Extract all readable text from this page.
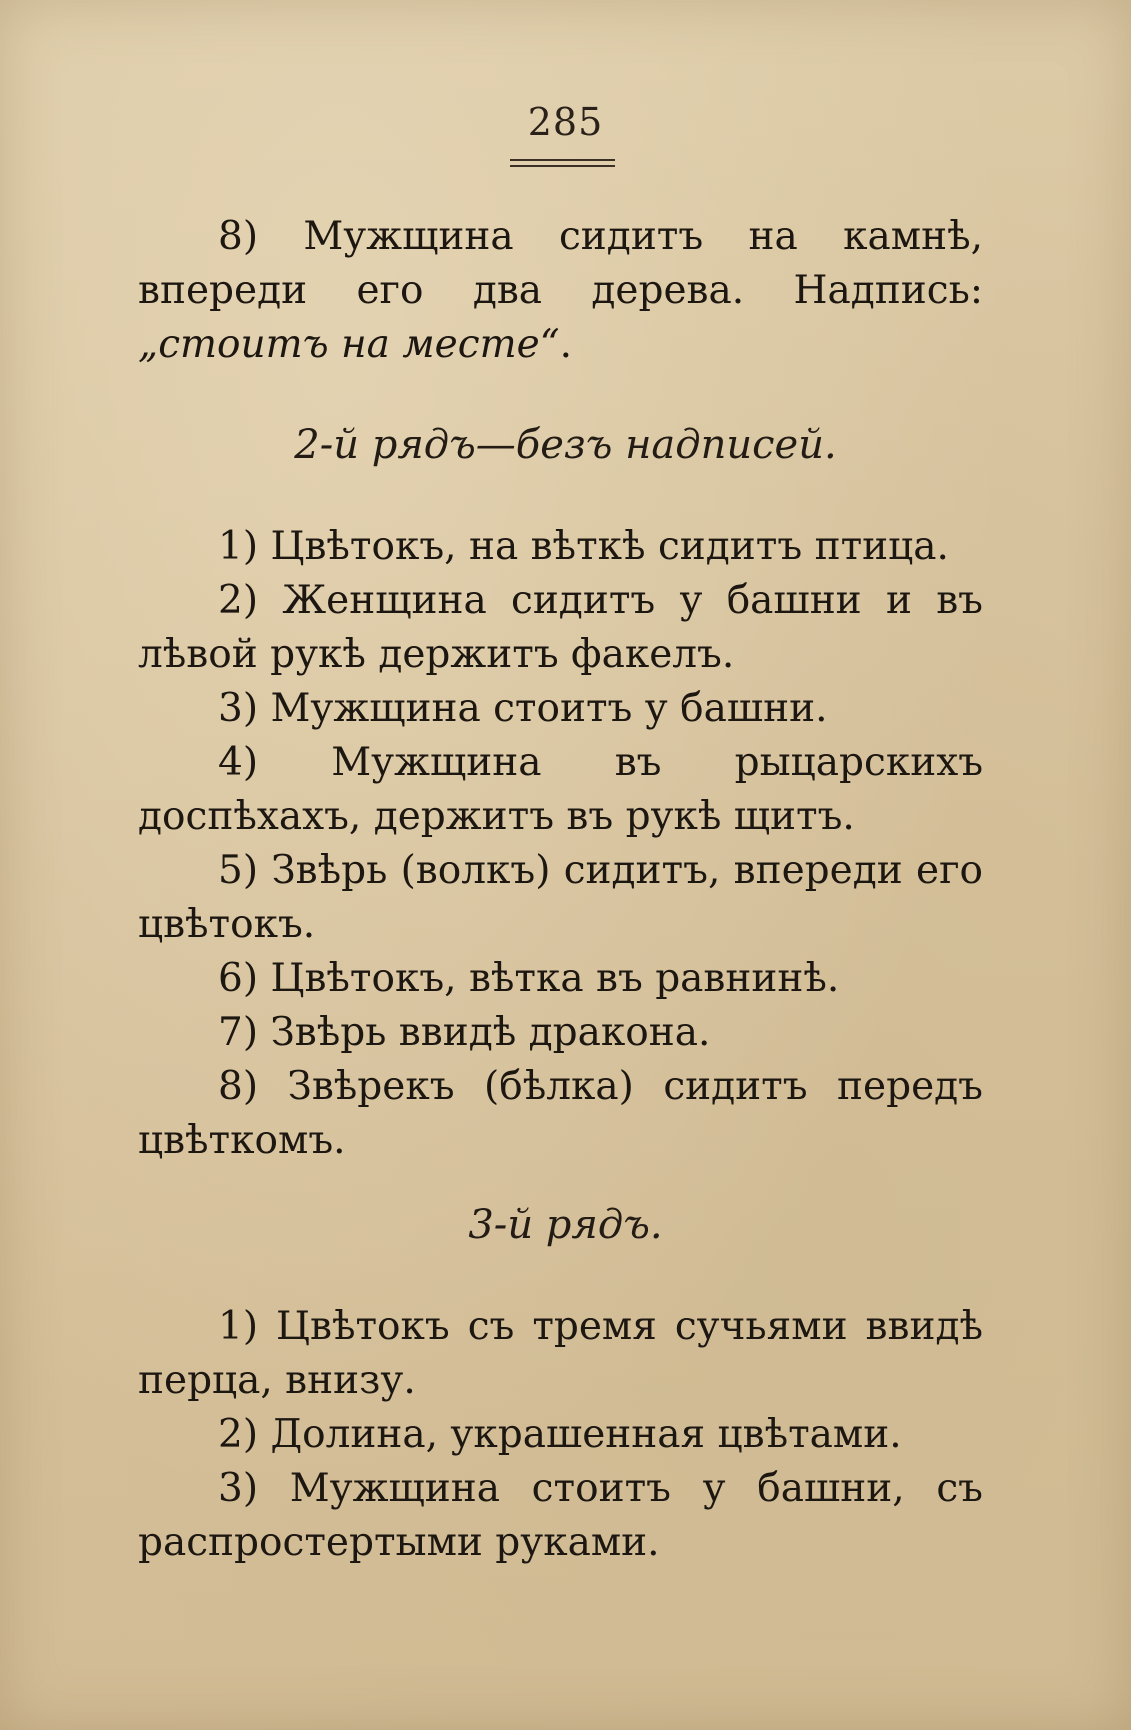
285

8) Мужщина сидитъ на камнѣ, впереди его два дерева. Надпись: „стоитъ на месте“.

2-й рядъ—безъ надписей.

1) Цвѣтокъ, на вѣткѣ сидитъ птица.

2) Женщина сидитъ у башни и въ лѣвой рукѣ держитъ факелъ.

3) Мужщина стоитъ у башни.

4) Мужщина въ рыцарскихъ доспѣхахъ, держитъ въ рукѣ щитъ.

5) Звѣрь (волкъ) сидитъ, впереди его цвѣтокъ.

6) Цвѣтокъ, вѣтка въ равнинѣ.

7) Звѣрь ввидѣ дракона.

8) Звѣрекъ (бѣлка) сидитъ передъ цвѣткомъ.

3-й рядъ.

1) Цвѣтокъ съ тремя сучьями ввидѣ перца, внизу.

2) Долина, украшенная цвѣтами.

3) Мужщина стоитъ у башни, съ распростертыми руками.
